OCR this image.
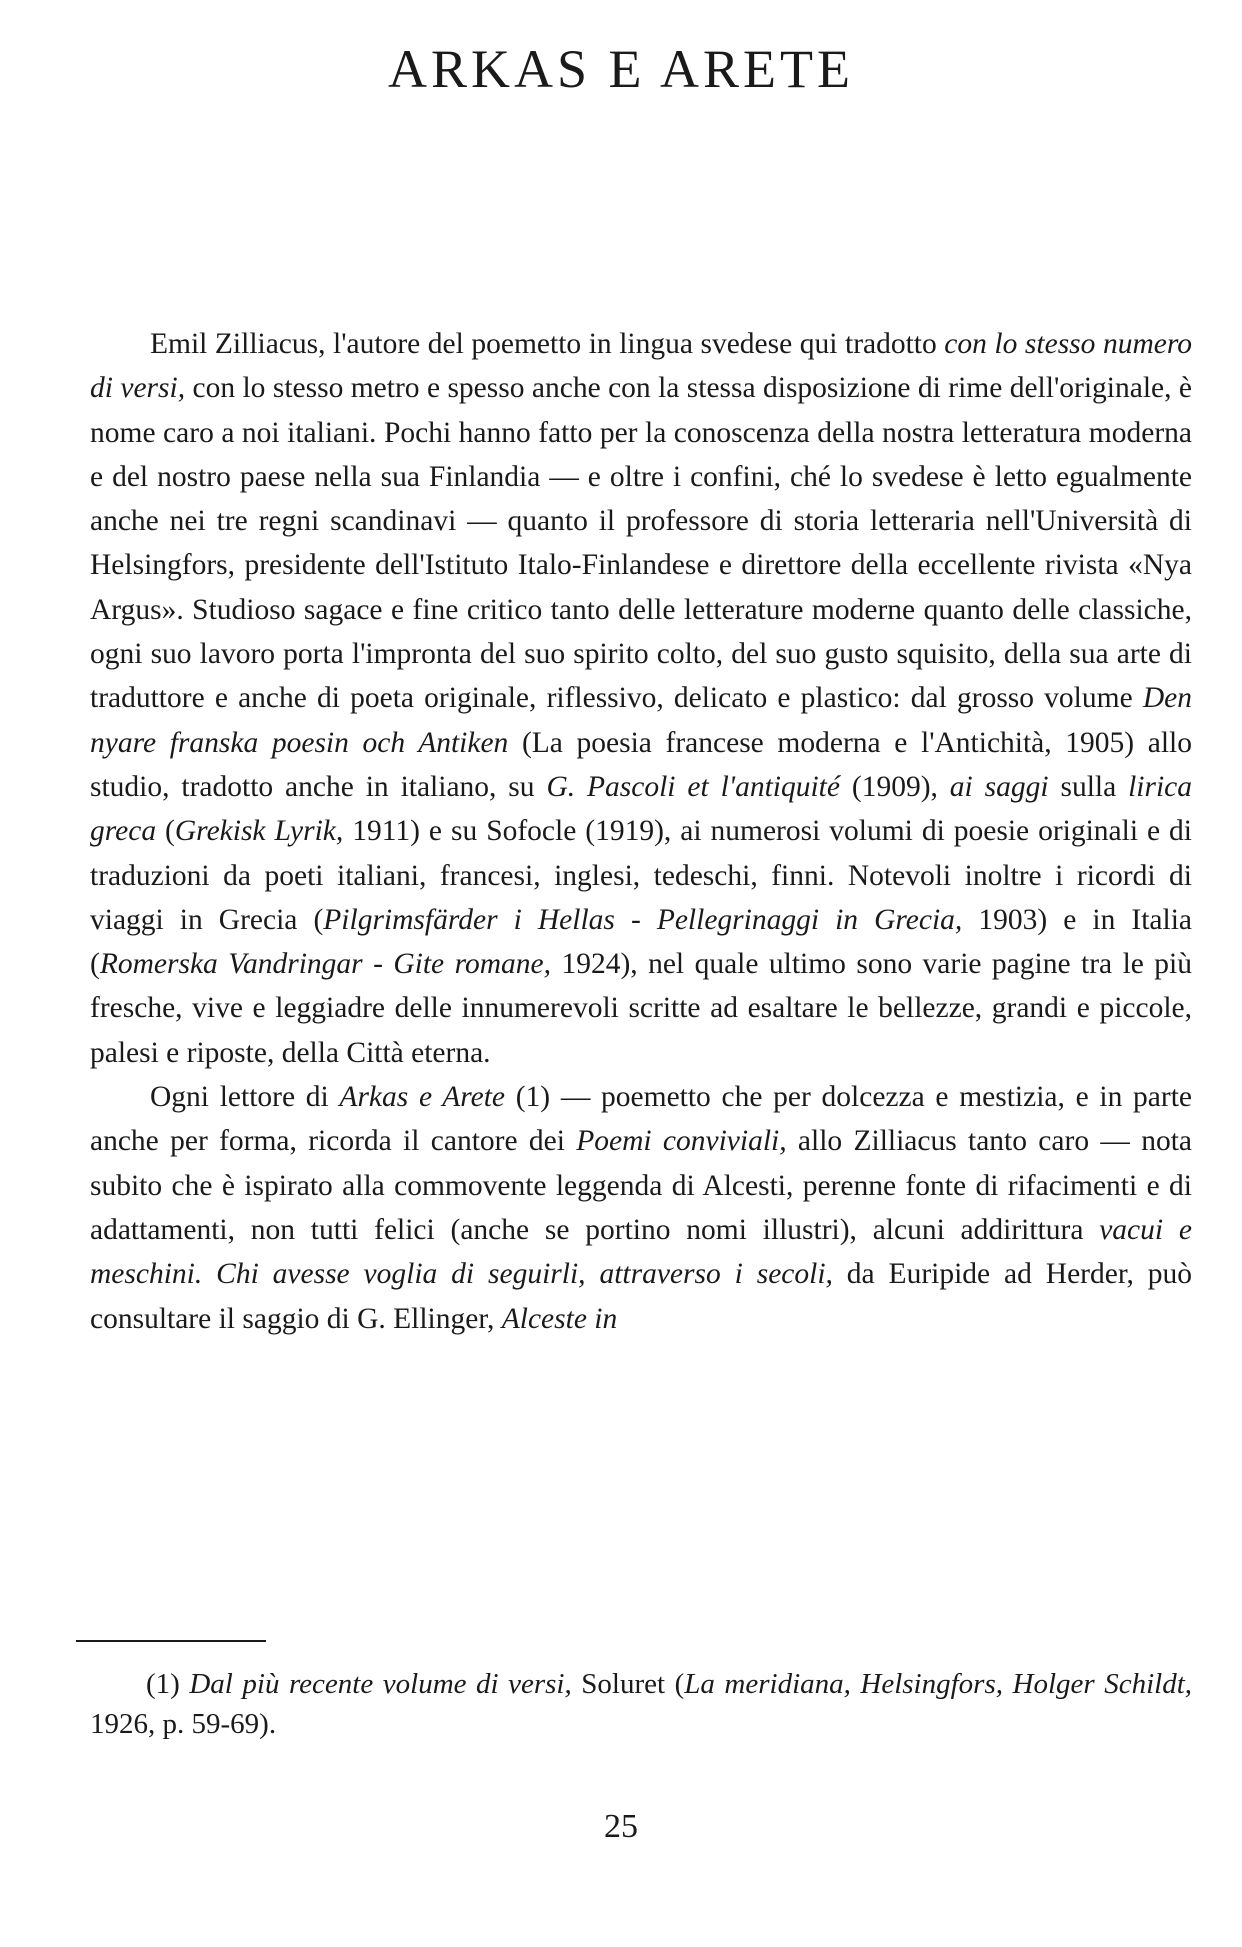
ARKAS E ARETE

Emil Zilliacus, l'autore del poemetto in lingua svedese qui tradotto con lo stesso numero di versi, con lo stesso metro e spesso anche con la stessa disposizione di rime dell'originale, è nome caro a noi italiani. Pochi hanno fatto per la conoscenza della nostra letteratura moderna e del nostro paese nella sua Finlandia — e oltre i confini, ché lo svedese è letto egualmente anche nei tre regni scandinavi — quanto il professore di storia letteraria nell'Università di Helsingfors, presidente dell'Istituto Italo-Finlandese e direttore della eccellente rivista «Nya Argus». Studioso sagace e fine critico tanto delle letterature moderne quanto delle classiche, ogni suo lavoro porta l'impronta del suo spirito colto, del suo gusto squisito, della sua arte di traduttore e anche di poeta originale, riflessivo, delicato e plastico: dal grosso volume Den nyare franska poesin och Antiken (La poesia francese moderna e l'Antichità, 1905) allo studio, tradotto anche in italiano, su G. Pascoli et l'antiquité (1909), ai saggi sulla lirica greca (Grekisk Lyrik, 1911) e su Sofocle (1919), ai numerosi volumi di poesie originali e di traduzioni da poeti italiani, francesi, inglesi, tedeschi, finni. Notevoli inoltre i ricordi di viaggi in Grecia (Pilgrimsfärder i Hellas - Pellegrinaggi in Grecia, 1903) e in Italia (Romerska Vandringar - Gite romane, 1924), nel quale ultimo sono varie pagine tra le più fresche, vive e leggiadre delle innumerevoli scritte ad esaltare le bellezze, grandi e piccole, palesi e riposte, della Città eterna.

Ogni lettore di Arkas e Arete (1) — poemetto che per dolcezza e mestizia, e in parte anche per forma, ricorda il cantore dei Poemi conviviali, allo Zilliacus tanto caro — nota subito che è ispirato alla commovente leggenda di Alcesti, perenne fonte di rifacimenti e di adattamenti, non tutti felici (anche se portino nomi illustri), alcuni addirittura vacui e meschini. Chi avesse voglia di seguirli, attraverso i secoli, da Euripide ad Herder, può consultare il saggio di G. Ellinger, Alceste in

(1) Dal più recente volume di versi, Soluret (La meridiana, Helsingfors, Holger Schildt, 1926, p. 59-69).

25
